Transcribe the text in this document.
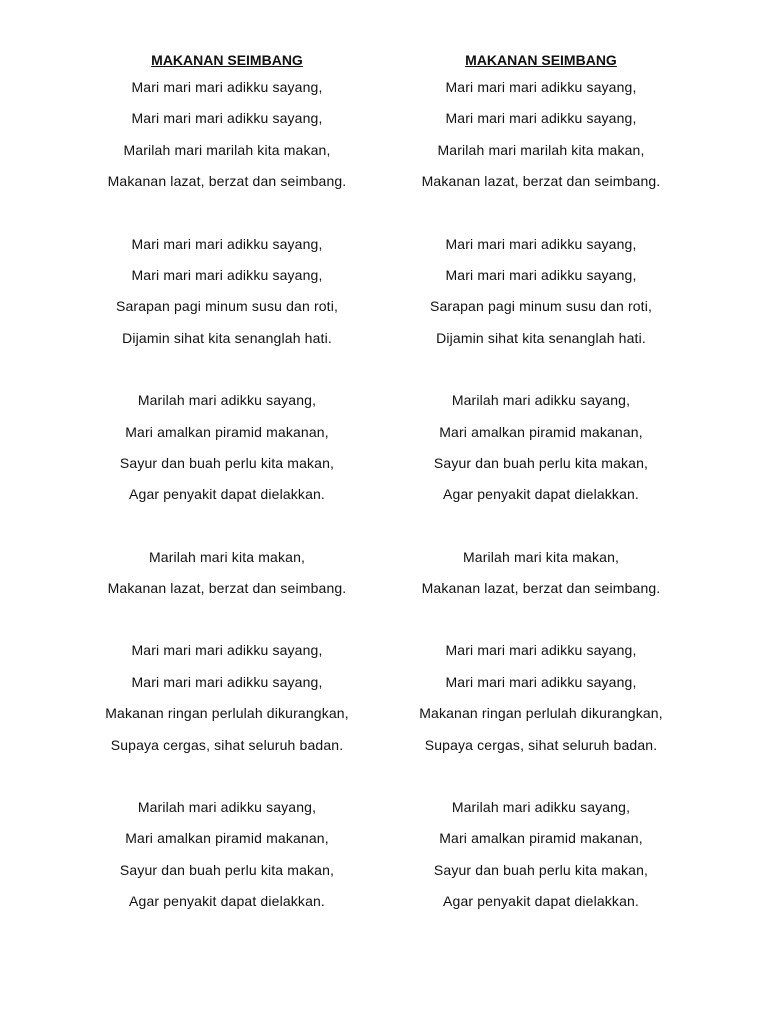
MAKANAN SEIMBANG
Mari mari mari adikku sayang,
Mari mari mari adikku sayang,
Marilah mari marilah kita makan,
Makanan lazat, berzat dan seimbang.
Mari mari mari adikku sayang,
Mari mari mari adikku sayang,
Sarapan pagi minum susu dan roti,
Dijamin sihat kita senanglah hati.
Marilah mari adikku sayang,
Mari amalkan piramid makanan,
Sayur dan buah perlu kita makan,
Agar penyakit dapat dielakkan.
Marilah mari kita makan,
Makanan lazat, berzat dan seimbang.
Mari mari mari adikku sayang,
Mari mari mari adikku sayang,
Makanan ringan perlulah dikurangkan,
Supaya cergas, sihat seluruh badan.
Marilah mari adikku sayang,
Mari amalkan piramid makanan,
Sayur dan buah perlu kita makan,
Agar penyakit dapat dielakkan.
MAKANAN SEIMBANG
Mari mari mari adikku sayang,
Mari mari mari adikku sayang,
Marilah mari marilah kita makan,
Makanan lazat, berzat dan seimbang.
Mari mari mari adikku sayang,
Mari mari mari adikku sayang,
Sarapan pagi minum susu dan roti,
Dijamin sihat kita senanglah hati.
Marilah mari adikku sayang,
Mari amalkan piramid makanan,
Sayur dan buah perlu kita makan,
Agar penyakit dapat dielakkan.
Marilah mari kita makan,
Makanan lazat, berzat dan seimbang.
Mari mari mari adikku sayang,
Mari mari mari adikku sayang,
Makanan ringan perlulah dikurangkan,
Supaya cergas, sihat seluruh badan.
Marilah mari adikku sayang,
Mari amalkan piramid makanan,
Sayur dan buah perlu kita makan,
Agar penyakit dapat dielakkan.
